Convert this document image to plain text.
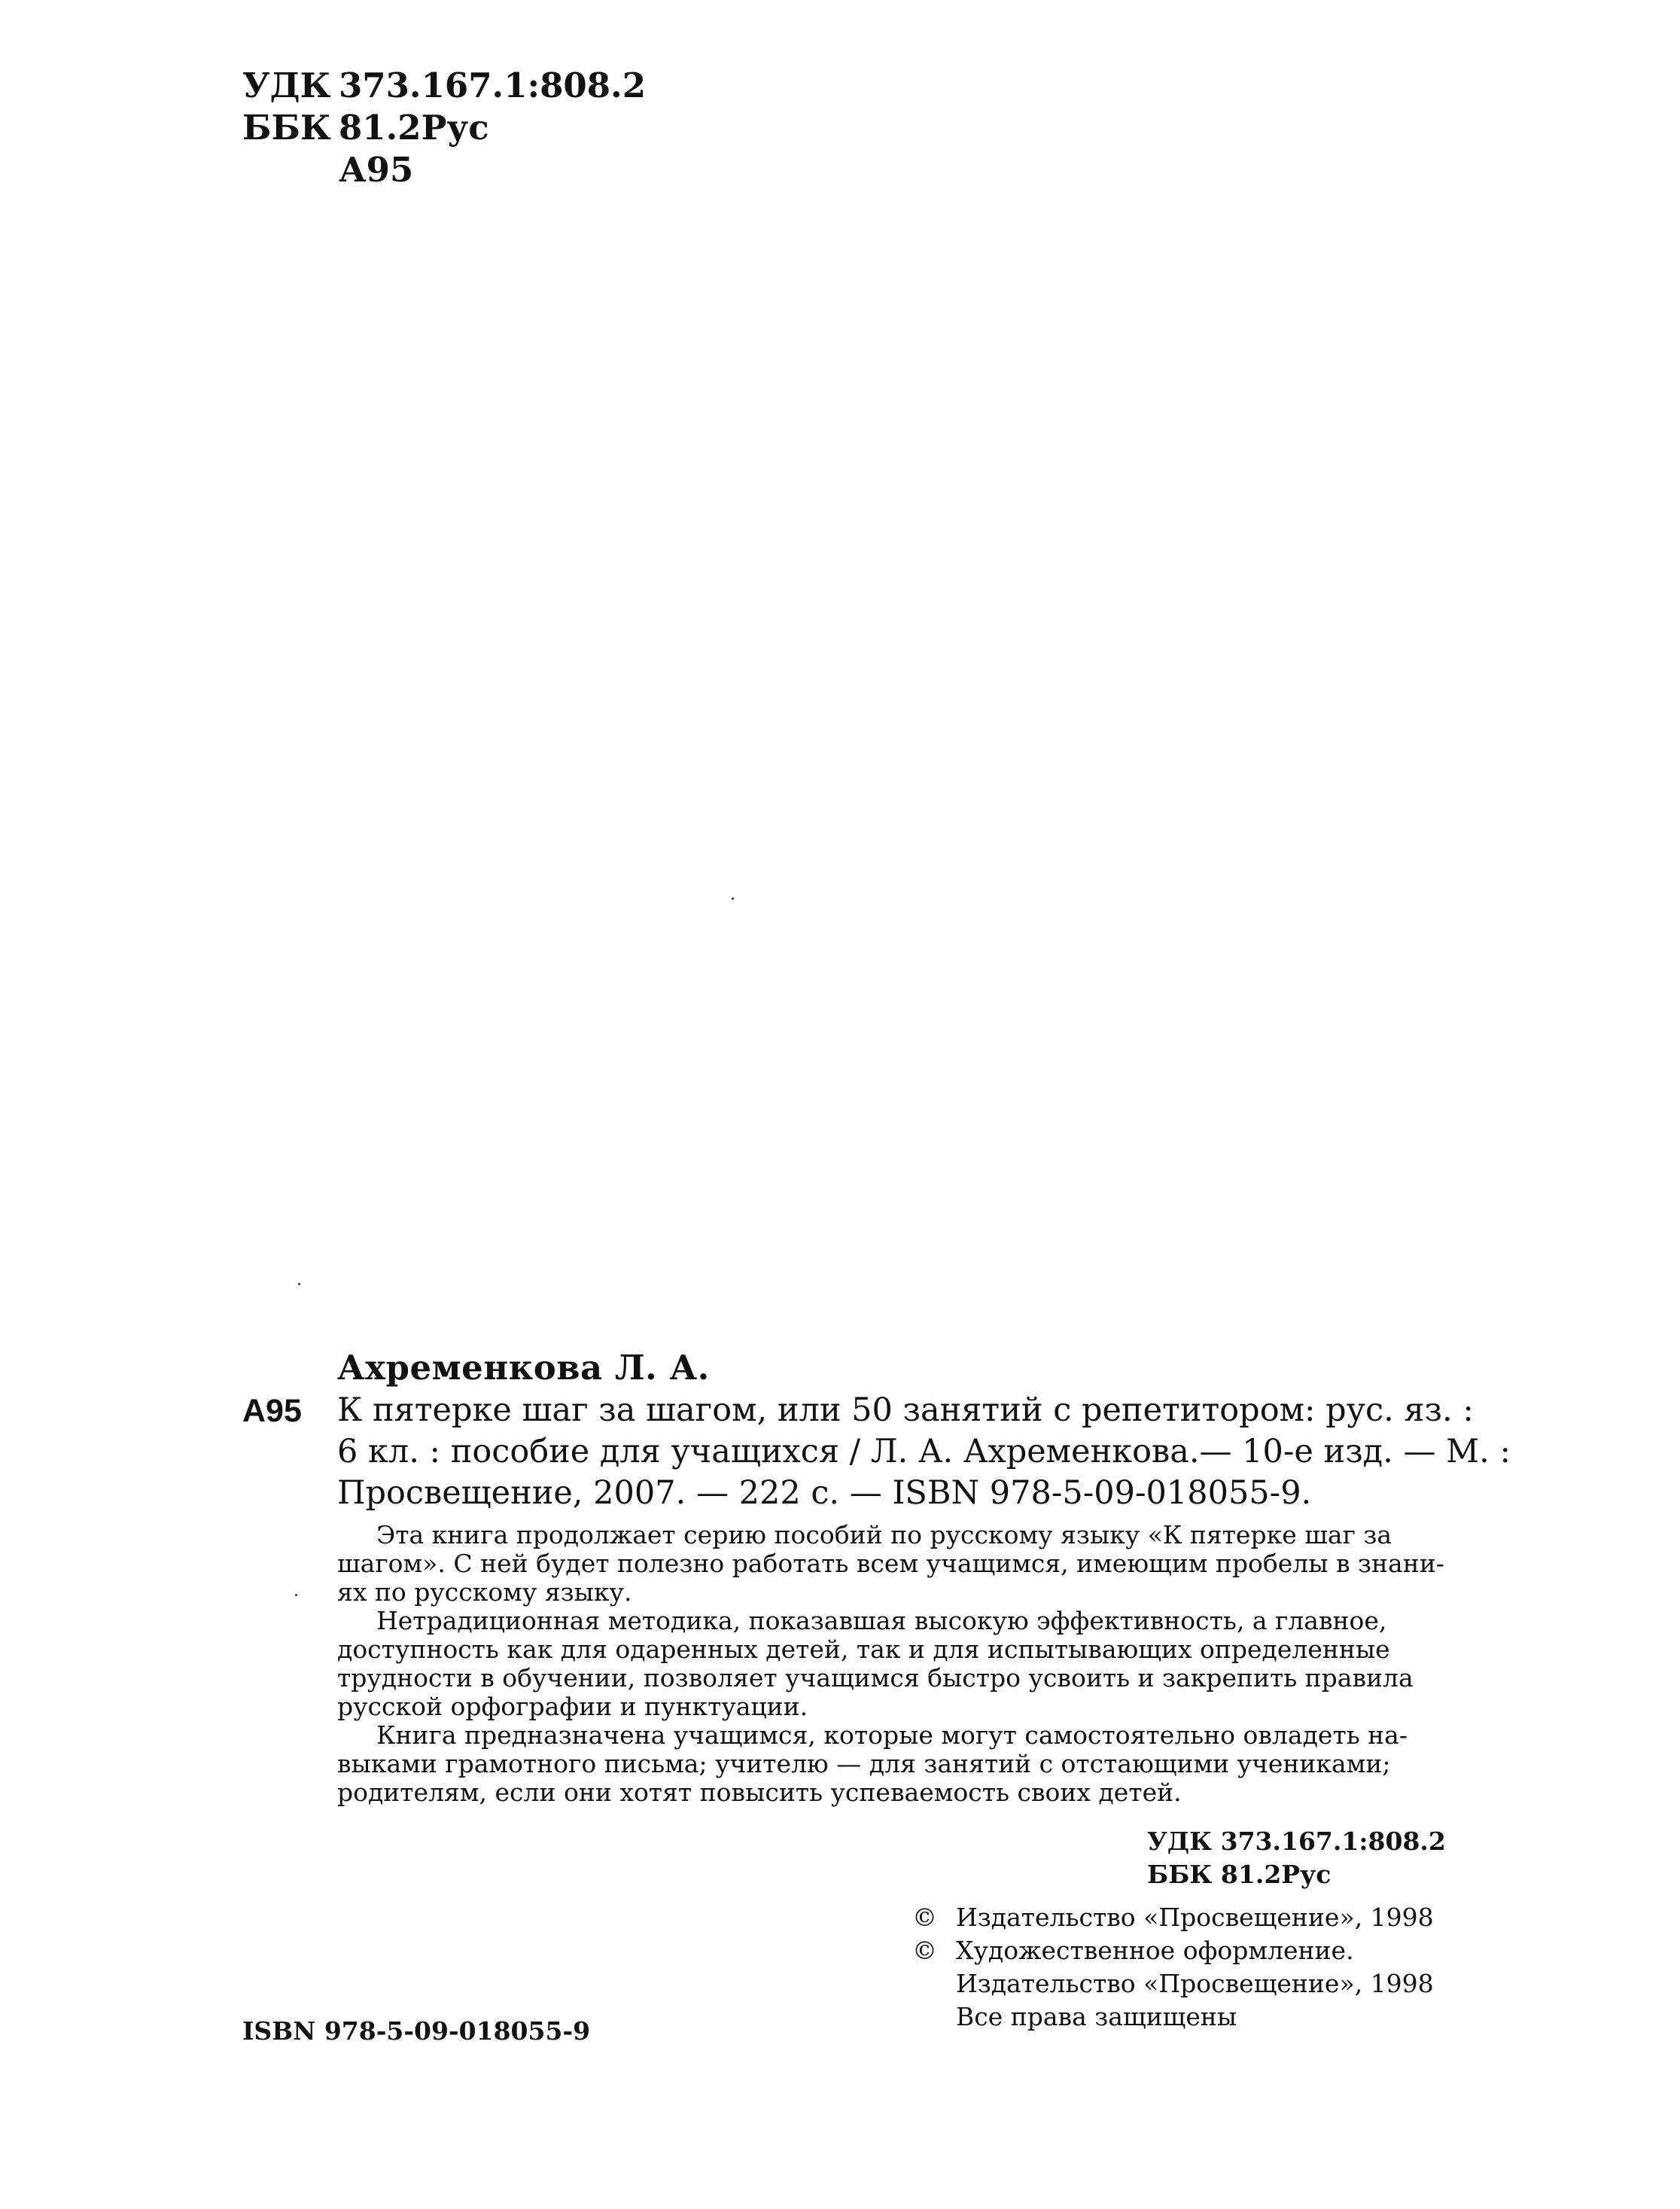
УДК 373.167.1:808.2
ББК 81.2Рус
А95
Ахременкова Л. А.
А95 К пятерке шаг за шагом, или 50 занятий с репетитором: рус. яз. :
6 кл. : пособие для учащихся / Л. А. Ахременкова.— 10-е изд. — М. :
Просвещение, 2007. — 222 с. — ISBN 978-5-09-018055-9.
Эта книга продолжает серию пособий по русскому языку «К пятерке шаг за
шагом». С ней будет полезно работать всем учащимся, имеющим пробелы в знани-
ях по русскому языку.
Нетрадиционная методика, показавшая высокую эффективность, а главное,
доступность как для одаренных детей, так и для испытывающих определенные
трудности в обучении, позволяет учащимся быстро усвоить и закрепить правила
русской орфографии и пунктуации.
Книга предназначена учащимся, которые могут самостоятельно овладеть на-
выками грамотного письма; учителю — для занятий с отстающими учениками;
родителям, если они хотят повысить успеваемость своих детей.
УДК 373.167.1:808.2
ББК 81.2Рус
© Издательство «Просвещение», 1998
© Художественное оформление.
Издательство «Просвещение», 1998
Все права защищены
ISBN 978-5-09-018055-9
